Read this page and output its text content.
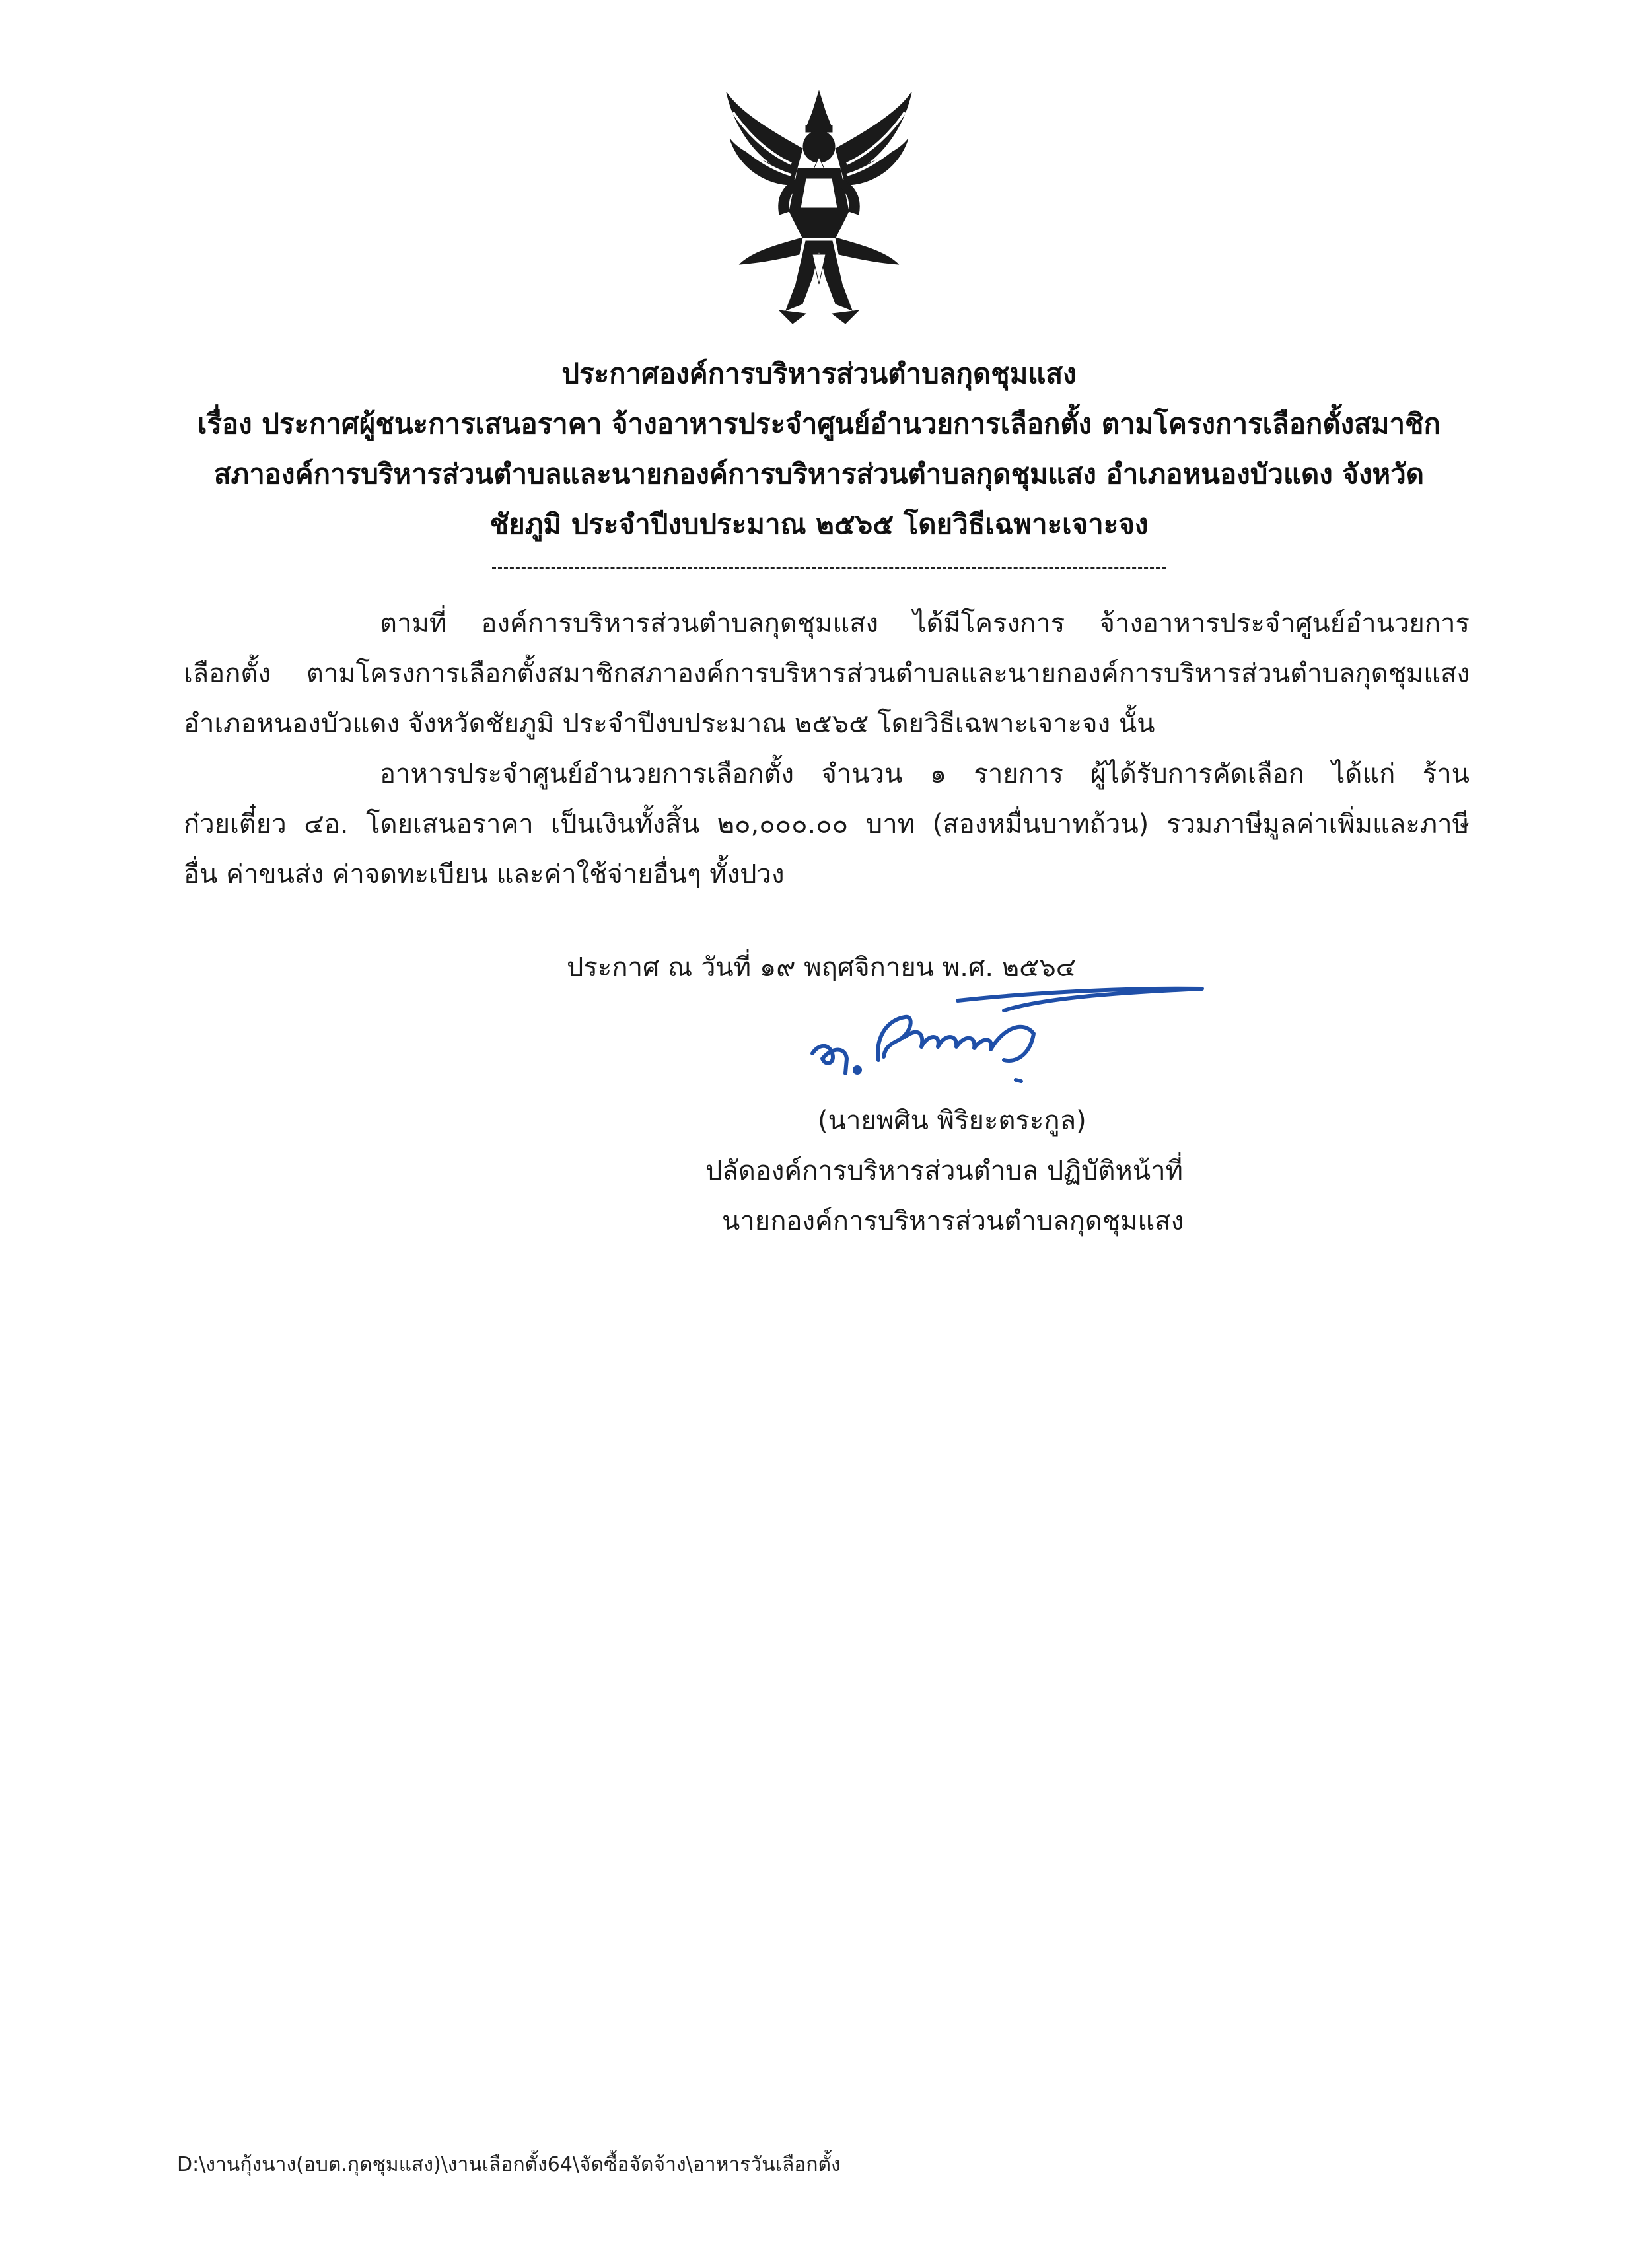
ประกาศองค์การบริหารส่วนตำบลกุดชุมแสง
เรื่อง ประกาศผู้ชนะการเสนอราคา จ้างอาหารประจำศูนย์อำนวยการเลือกตั้ง ตามโครงการเลือกตั้งสมาชิก
สภาองค์การบริหารส่วนตำบลและนายกองค์การบริหารส่วนตำบลกุดชุมแสง อำเภอหนองบัวแดง จังหวัด
ชัยภูมิ ประจำปีงบประมาณ ๒๕๖๕ โดยวิธีเฉพาะเจาะจง
ตามที่ องค์การบริหารส่วนตำบลกุดชุมแสง ได้มีโครงการ จ้างอาหารประจำศูนย์อำนวยการ
เลือกตั้ง ตามโครงการเลือกตั้งสมาชิกสภาองค์การบริหารส่วนตำบลและนายกองค์การบริหารส่วนตำบลกุดชุมแสง
อำเภอหนองบัวแดง จังหวัดชัยภูมิ ประจำปีงบประมาณ ๒๕๖๕ โดยวิธีเฉพาะเจาะจง นั้น
อาหารประจำศูนย์อำนวยการเลือกตั้ง จำนวน ๑ รายการ ผู้ได้รับการคัดเลือก ได้แก่ ร้าน
ก๋วยเตี๋ยว ๔อ. โดยเสนอราคา เป็นเงินทั้งสิ้น ๒๐,๐๐๐.๐๐ บาท (สองหมื่นบาทถ้วน) รวมภาษีมูลค่าเพิ่มและภาษี
อื่น ค่าขนส่ง ค่าจดทะเบียน และค่าใช้จ่ายอื่นๆ ทั้งปวง
ประกาศ ณ วันที่ ๑๙ พฤศจิกายน พ.ศ. ๒๕๖๔
(นายพศิน พิริยะตระกูล)
ปลัดองค์การบริหารส่วนตำบล ปฏิบัติหน้าที่
นายกองค์การบริหารส่วนตำบลกุดชุมแสง
D:\งานกุ้งนาง(อบต.กุดชุมแสง)\งานเลือกตั้ง64\จัดซื้อจัดจ้าง\อาหารวันเลือกตั้ง
